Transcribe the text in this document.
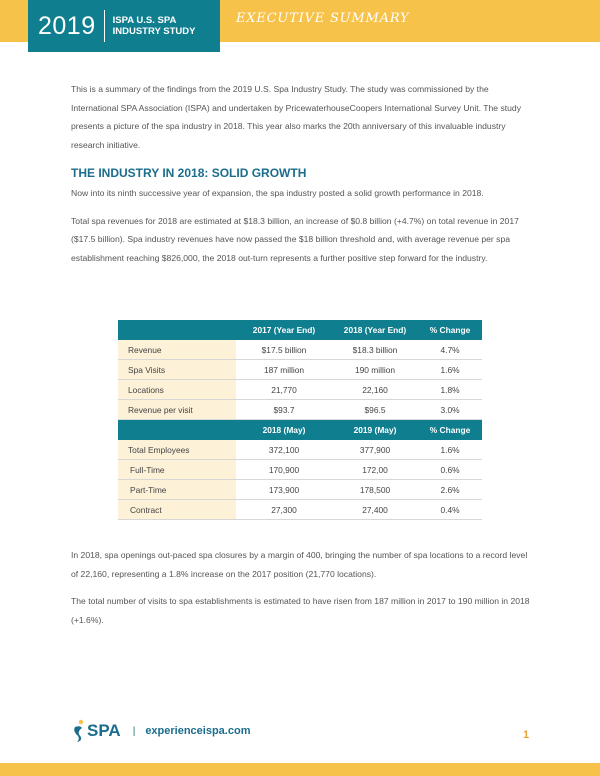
2019	ISPA U.S. SPA
INDUSTRY STUDY
EXECUTIVE SUMMARY

This is a summary of the findings from the 2019 U.S. Spa Industry Study. The study was commissioned by the International SPA Association (ISPA) and undertaken by PricewaterhouseCoopers International Survey Unit. The study presents a picture of the spa industry in 2018. This year also marks the 20th anniversary of this invaluable industry research initiative.

THE INDUSTRY IN 2018: SOLID GROWTH

Now into its ninth successive year of expansion, the spa industry posted a solid growth performance in 2018.

Total spa revenues for 2018 are estimated at $18.3 billion, an increase of $0.8 billion (+4.7%) on total revenue in 2017 ($17.5 billion). Spa industry revenues have now passed the $18 billion threshold and, with average revenue per spa establishment reaching $826,000, the 2018 out-turn represents a further positive step forward for the industry.

	2017 (Year End)	2018 (Year End)	% Change
Revenue	$17.5 billion	$18.3 billion	4.7%
Spa Visits	187 million	190 million	1.6%
Locations	21,770	22,160	1.8%
Revenue per visit	$93.7	$96.5	3.0%
	2018 (May)	2019 (May)	% Change
Total Employees	372,100	377,900	1.6%
Full-Time	170,900	172,00	0.6%
Part-Time	173,900	178,500	2.6%
Contract	27,300	27,400	0.4%

In 2018, spa openings out-paced spa closures by a margin of 400, bringing the number of spa locations to a record level of 22,160, representing a 1.8% increase on the 2017 position (21,770 locations).

The total number of visits to spa establishments is estimated to have risen from 187 million in 2017 to 190 million in 2018 (+1.6%).

SPA | experienceispa.com	1
